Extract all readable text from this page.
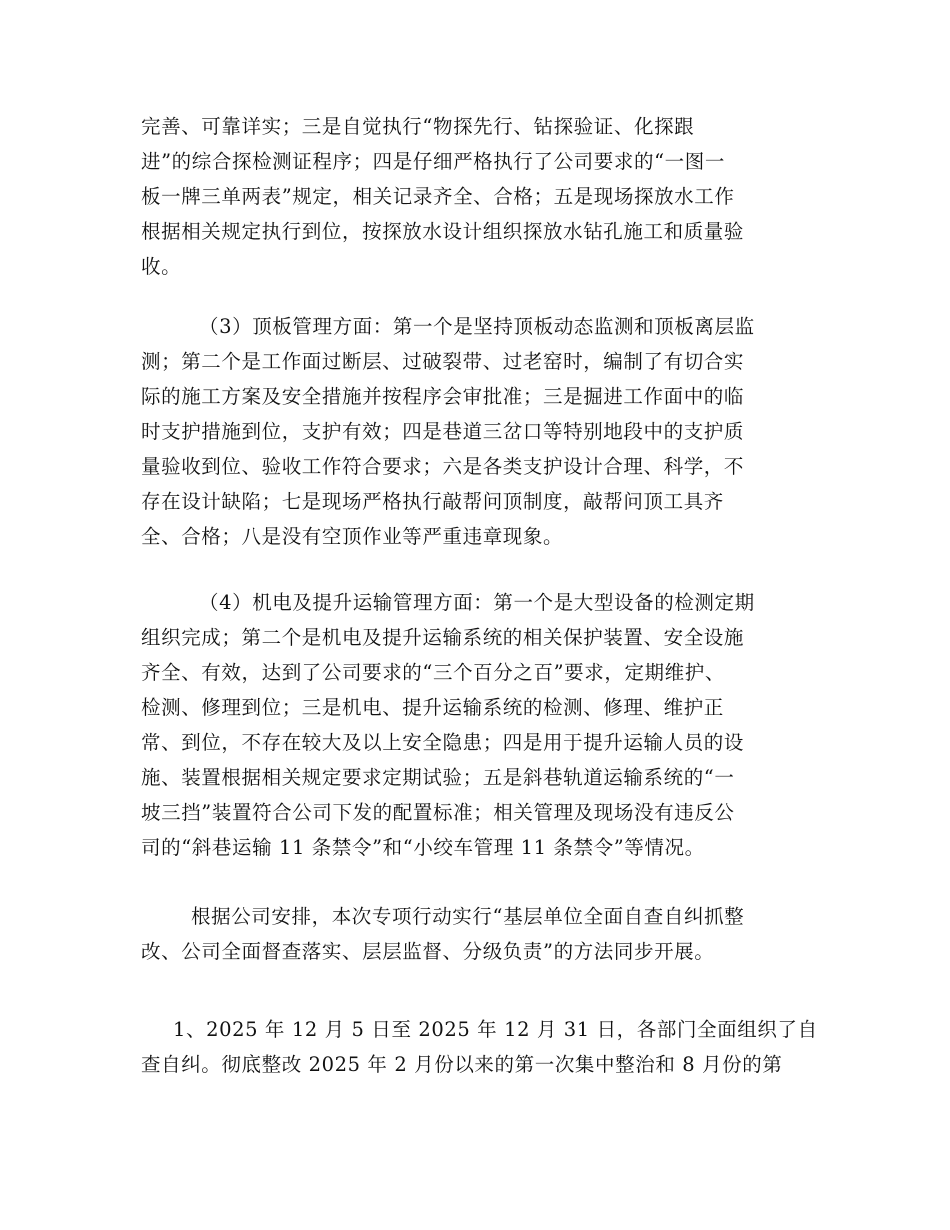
完善、可靠详实；三是自觉执行“物探先行、钻探验证、化探跟
进”的综合探检测证程序；四是仔细严格执行了公司要求的“一图一
板一牌三单两表”规定，相关记录齐全、合格；五是现场探放水工作
根据相关规定执行到位，按探放水设计组织探放水钻孔施工和质量验
收。
（3）顶板管理方面：第一个是坚持顶板动态监测和顶板离层监
测；第二个是工作面过断层、过破裂带、过老窑时，编制了有切合实
际的施工方案及安全措施并按程序会审批准；三是掘进工作面中的临
时支护措施到位，支护有效；四是巷道三岔口等特别地段中的支护质
量验收到位、验收工作符合要求；六是各类支护设计合理、科学，不
存在设计缺陷；七是现场严格执行敲帮问顶制度，敲帮问顶工具齐
全、合格；八是没有空顶作业等严重违章现象。
（4）机电及提升运输管理方面：第一个是大型设备的检测定期
组织完成；第二个是机电及提升运输系统的相关保护装置、安全设施
齐全、有效，达到了公司要求的“三个百分之百”要求，定期维护、
检测、修理到位；三是机电、提升运输系统的检测、修理、维护正
常、到位，不存在较大及以上安全隐患；四是用于提升运输人员的设
施、装置根据相关规定要求定期试验；五是斜巷轨道运输系统的“一
坡三挡”装置符合公司下发的配置标准；相关管理及现场没有违反公
司的“斜巷运输 11 条禁令”和“小绞车管理 11 条禁令”等情况。
根据公司安排，本次专项行动实行“基层单位全面自查自纠抓整
改、公司全面督查落实、层层监督、分级负责”的方法同步开展。
1、2025 年 12 月 5 日至 2025 年 12 月 31 日，各部门全面组织了自
查自纠。彻底整改 2025 年 2 月份以来的第一次集中整治和 8 月份的第
